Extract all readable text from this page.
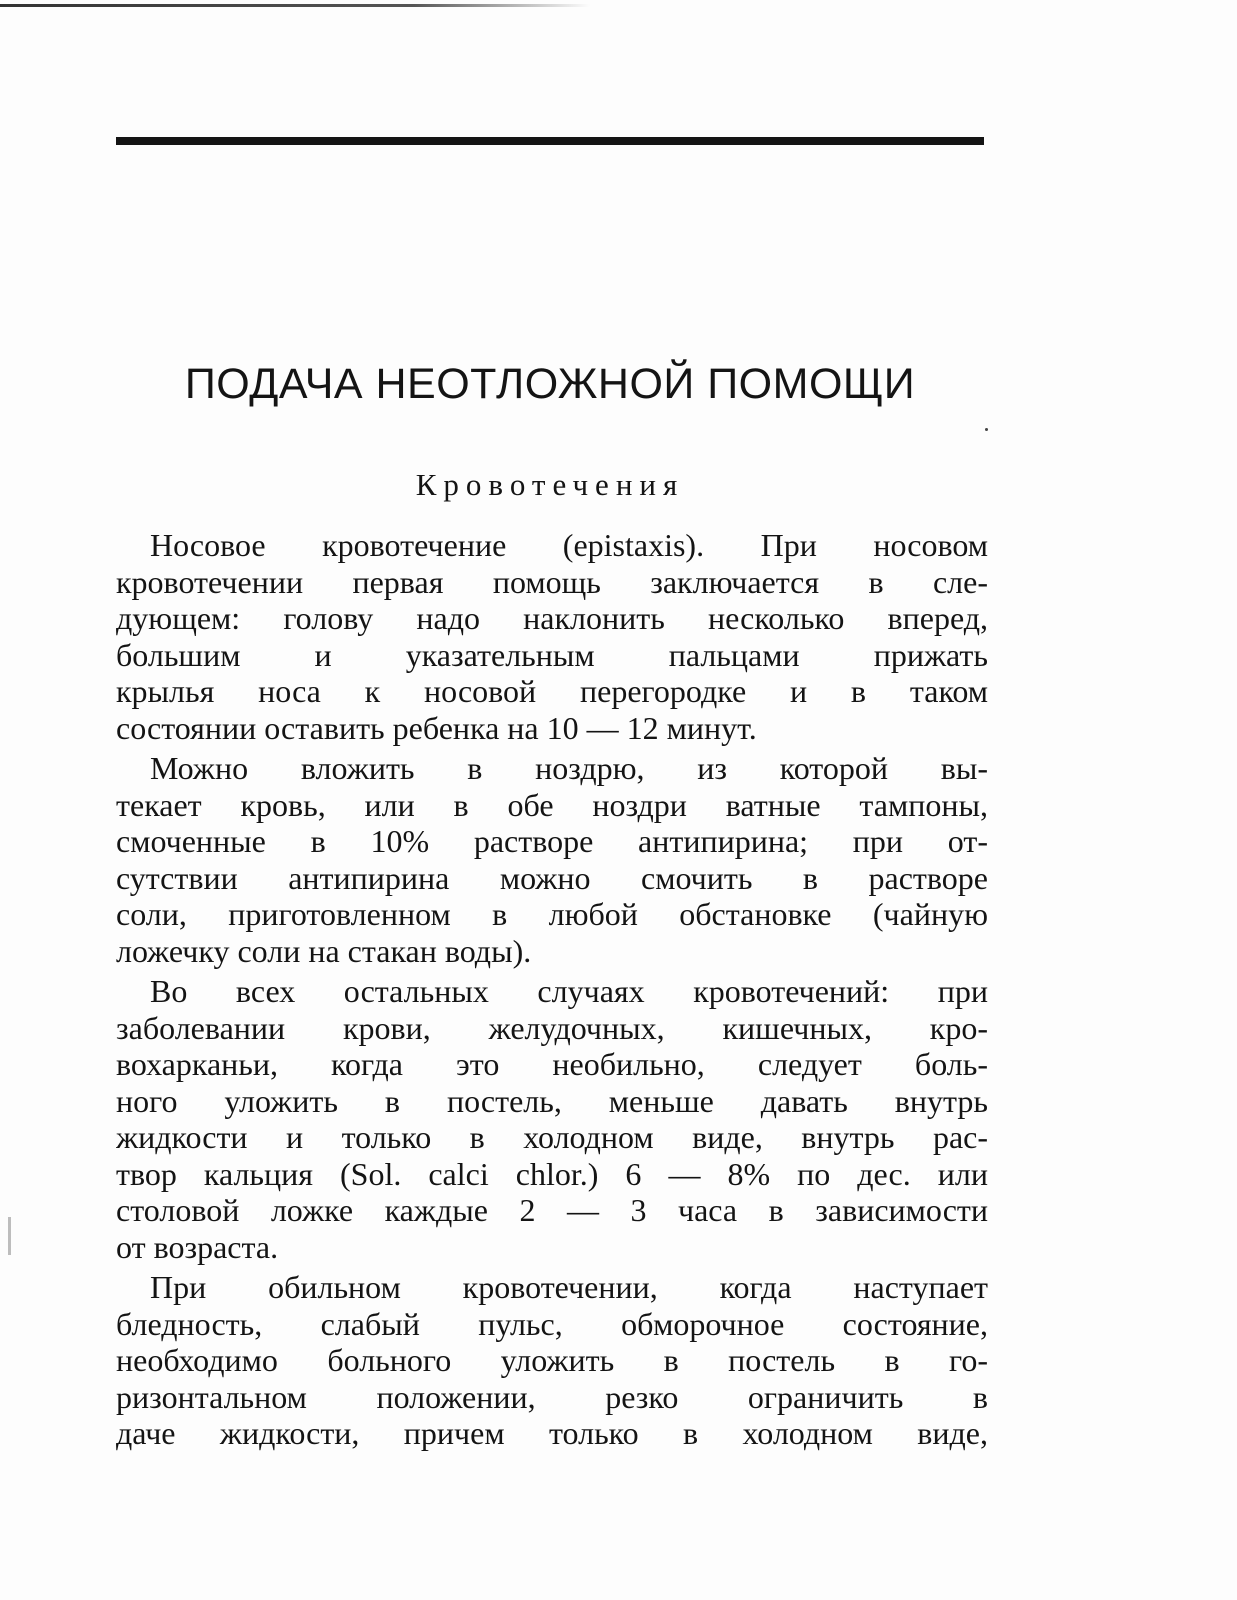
ПОДАЧА НЕОТЛОЖНОЙ ПОМОЩИ
Кровотечения

Носовое кровотечение (epistaxis). При носовом
кровотечении первая помощь заключается в сле-
дующем: голову надо наклонить несколько вперед,
большим и указательным пальцами прижать
крылья носа к носовой перегородке и в таком
состоянии оставить ребенка на 10 — 12 минут.

Можно вложить в ноздрю, из которой вы-
текает кровь, или в обе ноздри ватные тампоны,
смоченные в 10% растворе антипирина; при от-
сутствии антипирина можно смочить в растворе
соли, приготовленном в любой обстановке (чайную
ложечку соли на стакан воды).

Во всех остальных случаях кровотечений: при
заболевании крови, желудочных, кишечных, кро-
вохарканьи, когда это необильно, следует боль-
ного уложить в постель, меньше давать внутрь
жидкости и только в холодном виде, внутрь рас-
твор кальция (Sol. calci chlor.) 6 — 8% по дес. или
столовой ложке каждые 2 — 3 часа в зависимости
от возраста.

При обильном кровотечении, когда наступает
бледность, слабый пульс, обморочное состояние,
необходимо больного уложить в постель в го-
ризонтальном положении, резко ограничить в
даче жидкости, причем только в холодном виде,
